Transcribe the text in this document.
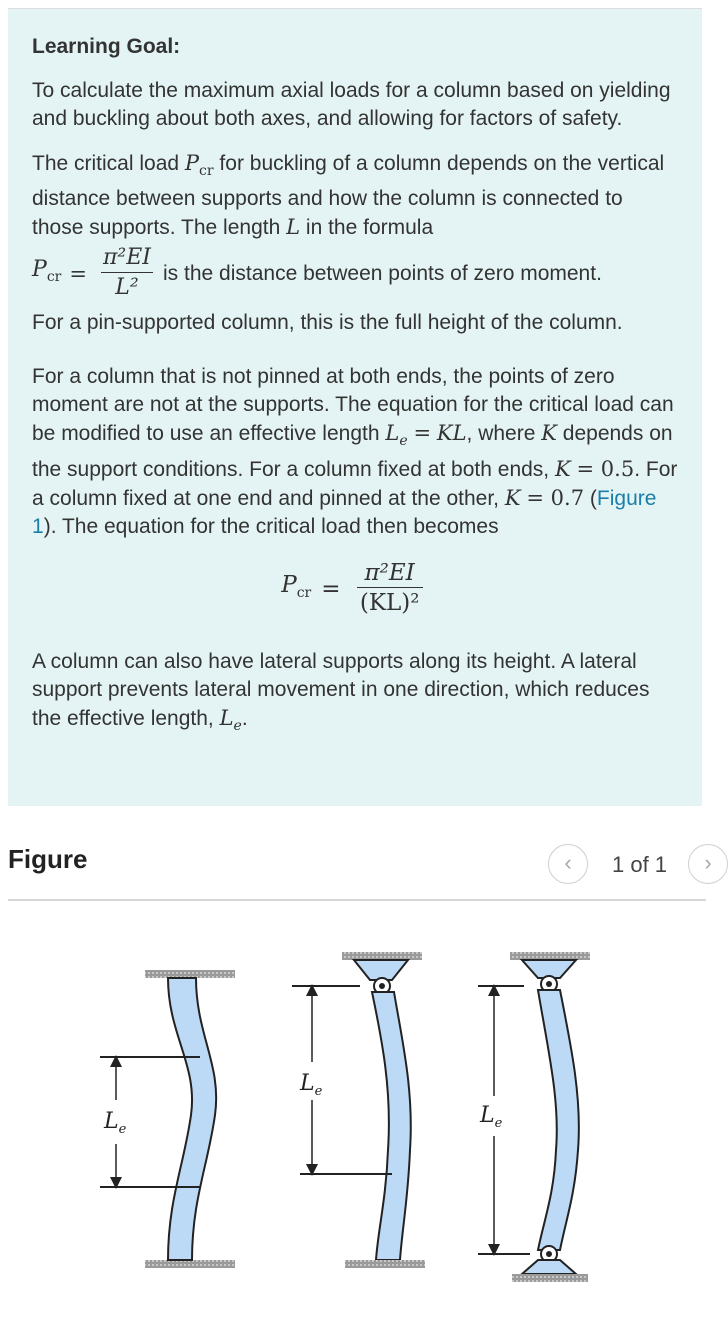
Learning Goal:
To calculate the maximum axial loads for a column based on yielding and buckling about both axes, and allowing for factors of safety.
The critical load $P_{cr}$ for buckling of a column depends on the vertical distance between supports and how the column is connected to those supports. The length L in the formula
$P_{cr} = \frac{\text{π²EI}}{\text{L²}}$ is the distance between points of zero moment.
For a pin-supported column, this is the full height of the column.
For a column that is not pinned at both ends, the points of zero moment are not at the supports. The equation for the critical load can be modified to use an effective length $L_e$ = KL, where K depends on the support conditions. For a column fixed at both ends, K = 0.5. For a column fixed at one end and pinned at the other, K = 0.7 (Figure 1). The equation for the critical load then becomes
$P_{cr} = \frac{\text{π²EI}}{\text{(KL)²}}$
A column can also have lateral supports along its height. A lateral support prevents lateral movement in one direction, which reduces the effective length, $L_e$.
Figure	‹	1 of 1	›
$L_e$
$L_e$
$L_e$
